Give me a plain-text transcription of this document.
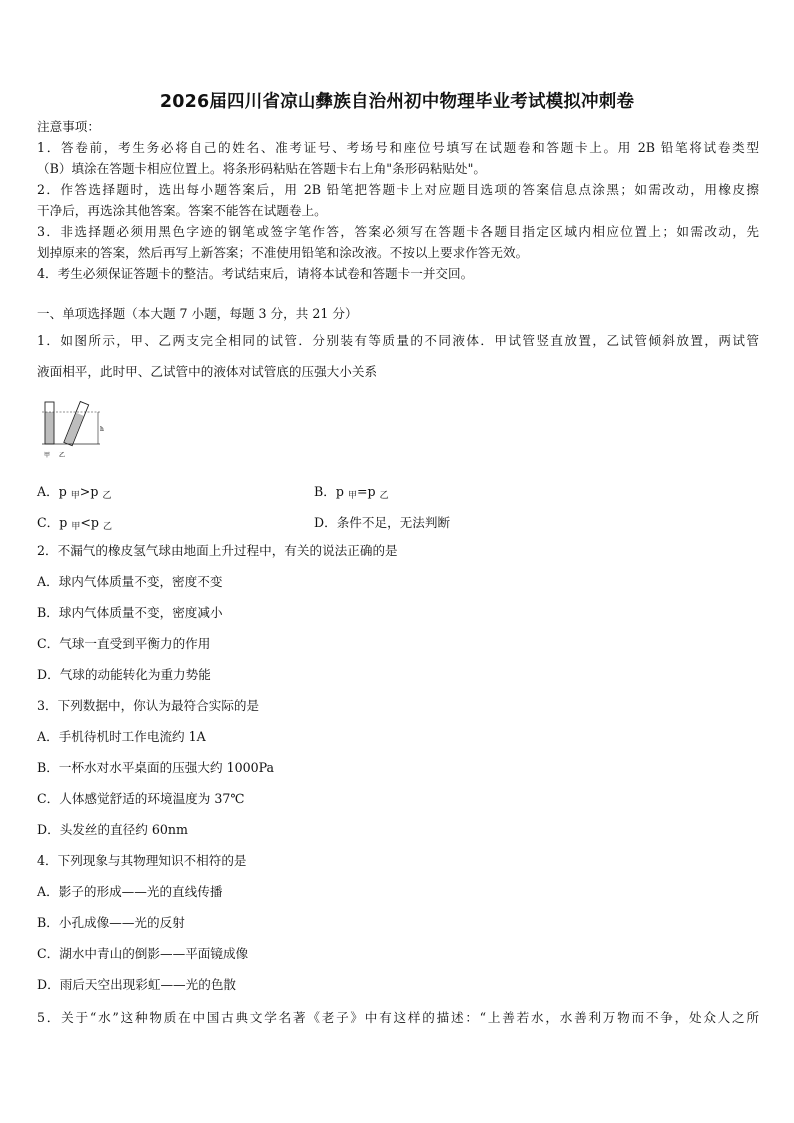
2026届四川省凉山彝族自治州初中物理毕业考试模拟冲刺卷
注意事项：
1．答卷前，考生务必将自己的姓名、准考证号、考场号和座位号填写在试题卷和答题卡上。用 2B 铅笔将试卷类型
（B）填涂在答题卡相应位置上。将条形码粘贴在答题卡右上角"条形码粘贴处"。
2．作答选择题时，选出每小题答案后，用 2B 铅笔把答题卡上对应题目选项的答案信息点涂黑；如需改动，用橡皮擦
干净后，再选涂其他答案。答案不能答在试题卷上。
3．非选择题必须用黑色字迹的钢笔或签字笔作答，答案必须写在答题卡各题目指定区域内相应位置上；如需改动，先
划掉原来的答案，然后再写上新答案；不准使用铅笔和涂改液。不按以上要求作答无效。
4．考生必须保证答题卡的整洁。考试结束后，请将本试卷和答题卡一并交回。
一、单项选择题（本大题 7 小题，每题 3 分，共 21 分）
1．如图所示，甲、乙两支完全相同的试管．分别装有等质量的不同液体．甲试管竖直放置，乙试管倾斜放置，两试管
液面相平，此时甲、乙试管中的液体对试管底的压强大小关系
h
甲 乙
A．p $_甲$>p $_乙$	B．p $_甲$=p $_乙$
C．p $_甲$<p $_乙$	D．条件不足，无法判断
2．不漏气的橡皮氢气球由地面上升过程中，有关的说法正确的是
A．球内气体质量不变，密度不变
B．球内气体质量不变，密度减小
C．气球一直受到平衡力的作用
D．气球的动能转化为重力势能
3．下列数据中，你认为最符合实际的是
A．手机待机时工作电流约 1A
B．一杯水对水平桌面的压强大约 1000Pa
C．人体感觉舒适的环境温度为 37℃
D．头发丝的直径约 60nm
4．下列现象与其物理知识不相符的是
A．影子的形成——光的直线传播
B．小孔成像——光的反射
C．湖水中青山的倒影——平面镜成像
D．雨后天空出现彩虹——光的色散
5．关于“水”这种物质在中国古典文学名著《老子》中有这样的描述：“上善若水，水善利万物而不争，处众人之所
